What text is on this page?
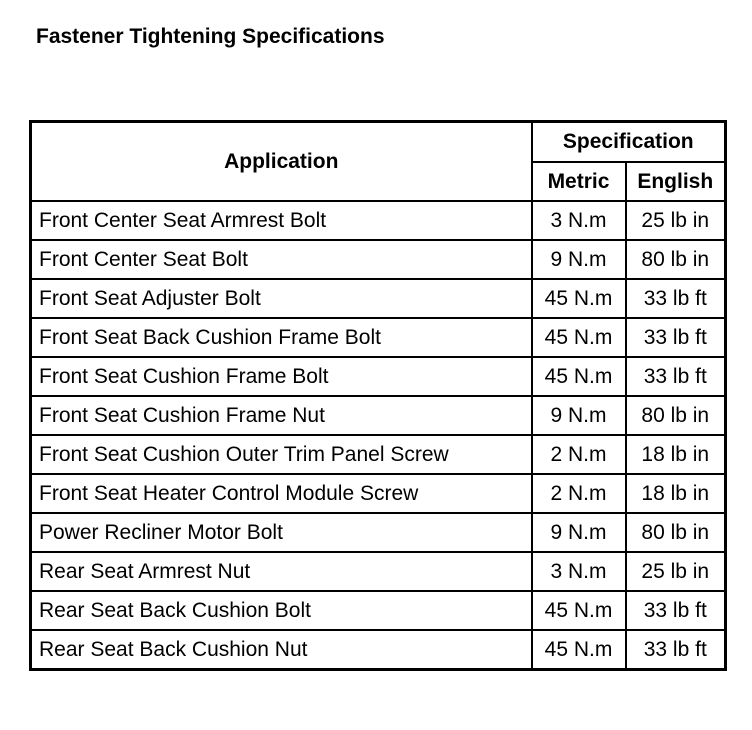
Fastener Tightening Specifications
Application	Specification	
	Metric	English
Front Center Seat Armrest Bolt	3 N.m	25 lb in
Front Center Seat Bolt	9 N.m	80 lb in
Front Seat Adjuster Bolt	45 N.m	33 lb ft
Front Seat Back Cushion Frame Bolt	45 N.m	33 lb ft
Front Seat Cushion Frame Bolt	45 N.m	33 lb ft
Front Seat Cushion Frame Nut	9 N.m	80 lb in
Front Seat Cushion Outer Trim Panel Screw	2 N.m	18 lb in
Front Seat Heater Control Module Screw	2 N.m	18 lb in
Power Recliner Motor Bolt	9 N.m	80 lb in
Rear Seat Armrest Nut	3 N.m	25 lb in
Rear Seat Back Cushion Bolt	45 N.m	33 lb ft
Rear Seat Back Cushion Nut	45 N.m	33 lb ft
